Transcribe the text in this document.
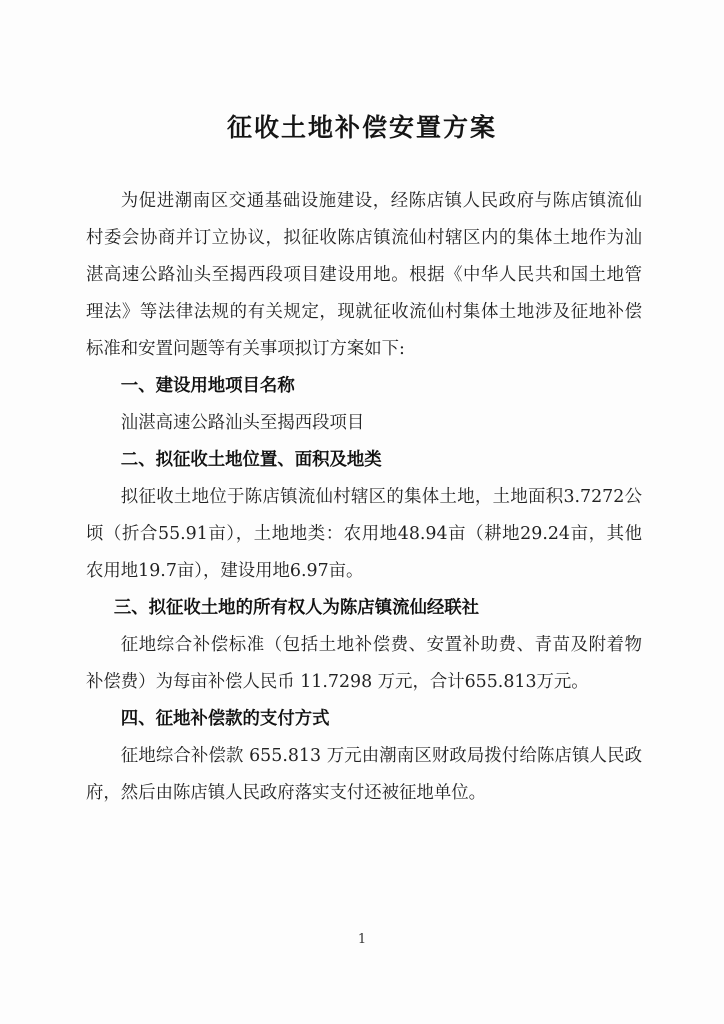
征收土地补偿安置方案

为促进潮南区交通基础设施建设，经陈店镇人民政府与陈店镇流仙村委会协商并订立协议，拟征收陈店镇流仙村辖区内的集体土地作为汕湛高速公路汕头至揭西段项目建设用地。根据《中华人民共和国土地管理法》等法律法规的有关规定，现就征收流仙村集体土地涉及征地补偿标准和安置问题等有关事项拟订方案如下:

一、建设用地项目名称

汕湛高速公路汕头至揭西段项目

二、拟征收土地位置、面积及地类

拟征收土地位于陈店镇流仙村辖区的集体土地，土地面积3.7272公顷（折合55.91亩），土地地类：农用地48.94亩（耕地29.24亩，其他农用地19.7亩），建设用地6.97亩。

三、拟征收土地的所有权人为陈店镇流仙经联社

征地综合补偿标准（包括土地补偿费、安置补助费、青苗及附着物补偿费）为每亩补偿人民币 11.7298 万元，合计655.813万元。

四、征地补偿款的支付方式

征地综合补偿款 655.813 万元由潮南区财政局拨付给陈店镇人民政府，然后由陈店镇人民政府落实支付还被征地单位。

1
